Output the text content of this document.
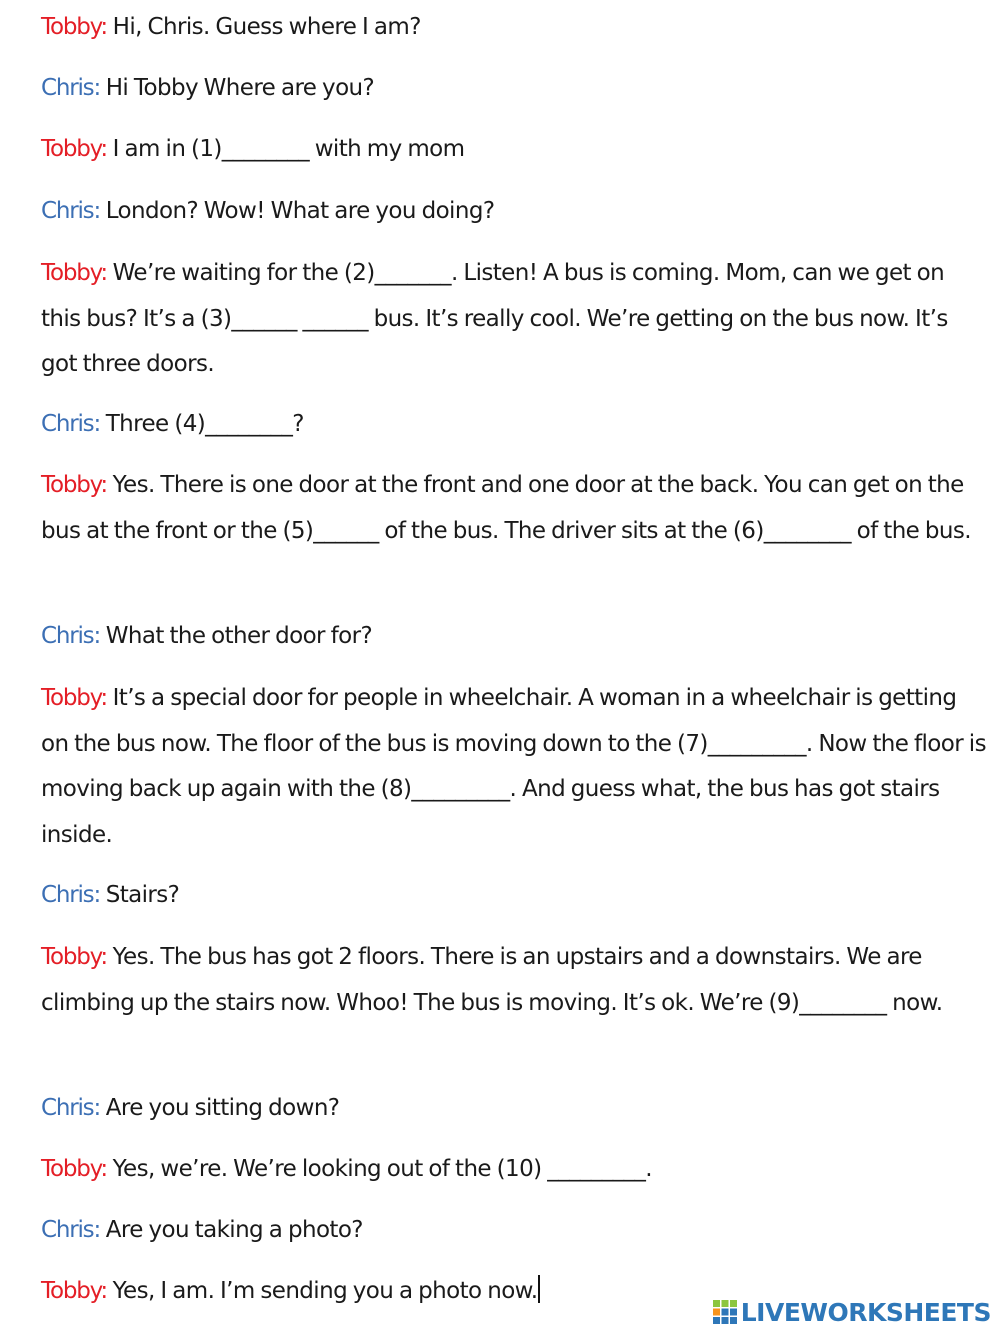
Tobby: Hi, Chris. Guess where I am?

Chris: Hi Tobby Where are you?

Tobby: I am in (1)________ with my mom

Chris: London? Wow! What are you doing?

Tobby: We’re waiting for the (2)_______. Listen! A bus is coming. Mom, can we get on this bus? It’s a (3)______ ______ bus. It’s really cool. We’re getting on the bus now. It’s got three doors.

Chris: Three (4)________?

Tobby: Yes. There is one door at the front and one door at the back. You can get on the bus at the front or the (5)______ of the bus. The driver sits at the (6)________ of the bus.

Chris: What the other door for?

Tobby: It’s a special door for people in wheelchair. A woman in a wheelchair is getting on the bus now. The floor of the bus is moving down to the (7)_________. Now the floor is moving back up again with the (8)_________. And guess what, the bus has got stairs inside.

Chris: Stairs?

Tobby: Yes. The bus has got 2 floors. There is an upstairs and a downstairs. We are climbing up the stairs now. Whoo! The bus is moving. It’s ok. We’re (9)________ now.

Chris: Are you sitting down?

Tobby: Yes, we’re. We’re looking out of the (10) _________.

Chris: Are you taking a photo?

Tobby: Yes, I am. I’m sending you a photo now.

LIVEWORKSHEETS
